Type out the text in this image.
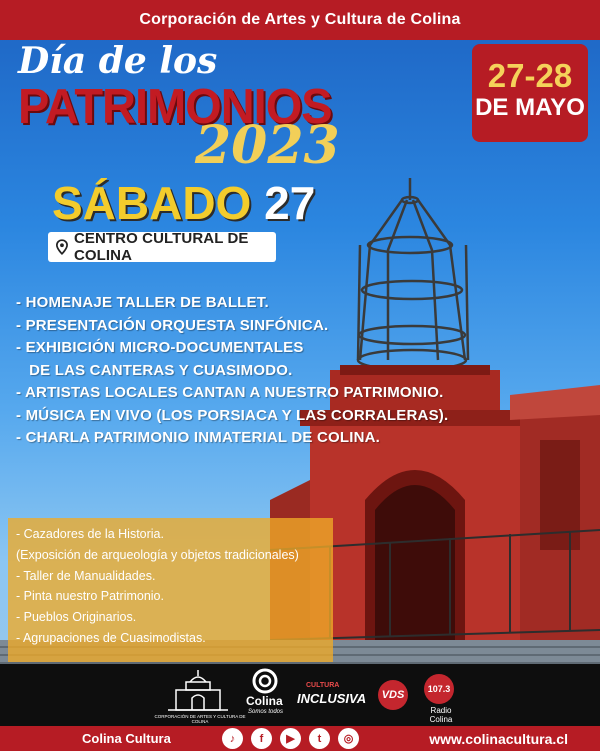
Corporación de Artes y Cultura de Colina
Día de los
PATRIMONIOS
2023
27-28
DE MAYO
SÁBADO 27
CENTRO CULTURAL DE COLINA
- HOMENAJE TALLER DE BALLET.
- PRESENTACIÓN ORQUESTA SINFÓNICA.
- EXHIBICIÓN MICRO-DOCUMENTALES
DE LAS CANTERAS Y CUASIMODO.
- ARTISTAS LOCALES CANTAN A NUESTRO PATRIMONIO.
- MÚSICA EN VIVO (LOS PORSIACA Y LAS CORRALERAS).
- CHARLA PATRIMONIO INMATERIAL DE COLINA.
- Cazadores de la Historia.
(Exposición de arqueología y objetos tradicionales)
- Taller de Manualidades.
- Pinta nuestro Patrimonio.
- Pueblos Originarios.
- Agrupaciones de Cuasimodistas.
CORPORACIÓN DE ARTES Y CULTURA DE COLINA
Colina
Somos todos
CULTURA
INCLUSIVA VDS	107.3
Radio Colina
Colina Cultura	www.colinacultura.cl
♪	f	▶	t	◎
